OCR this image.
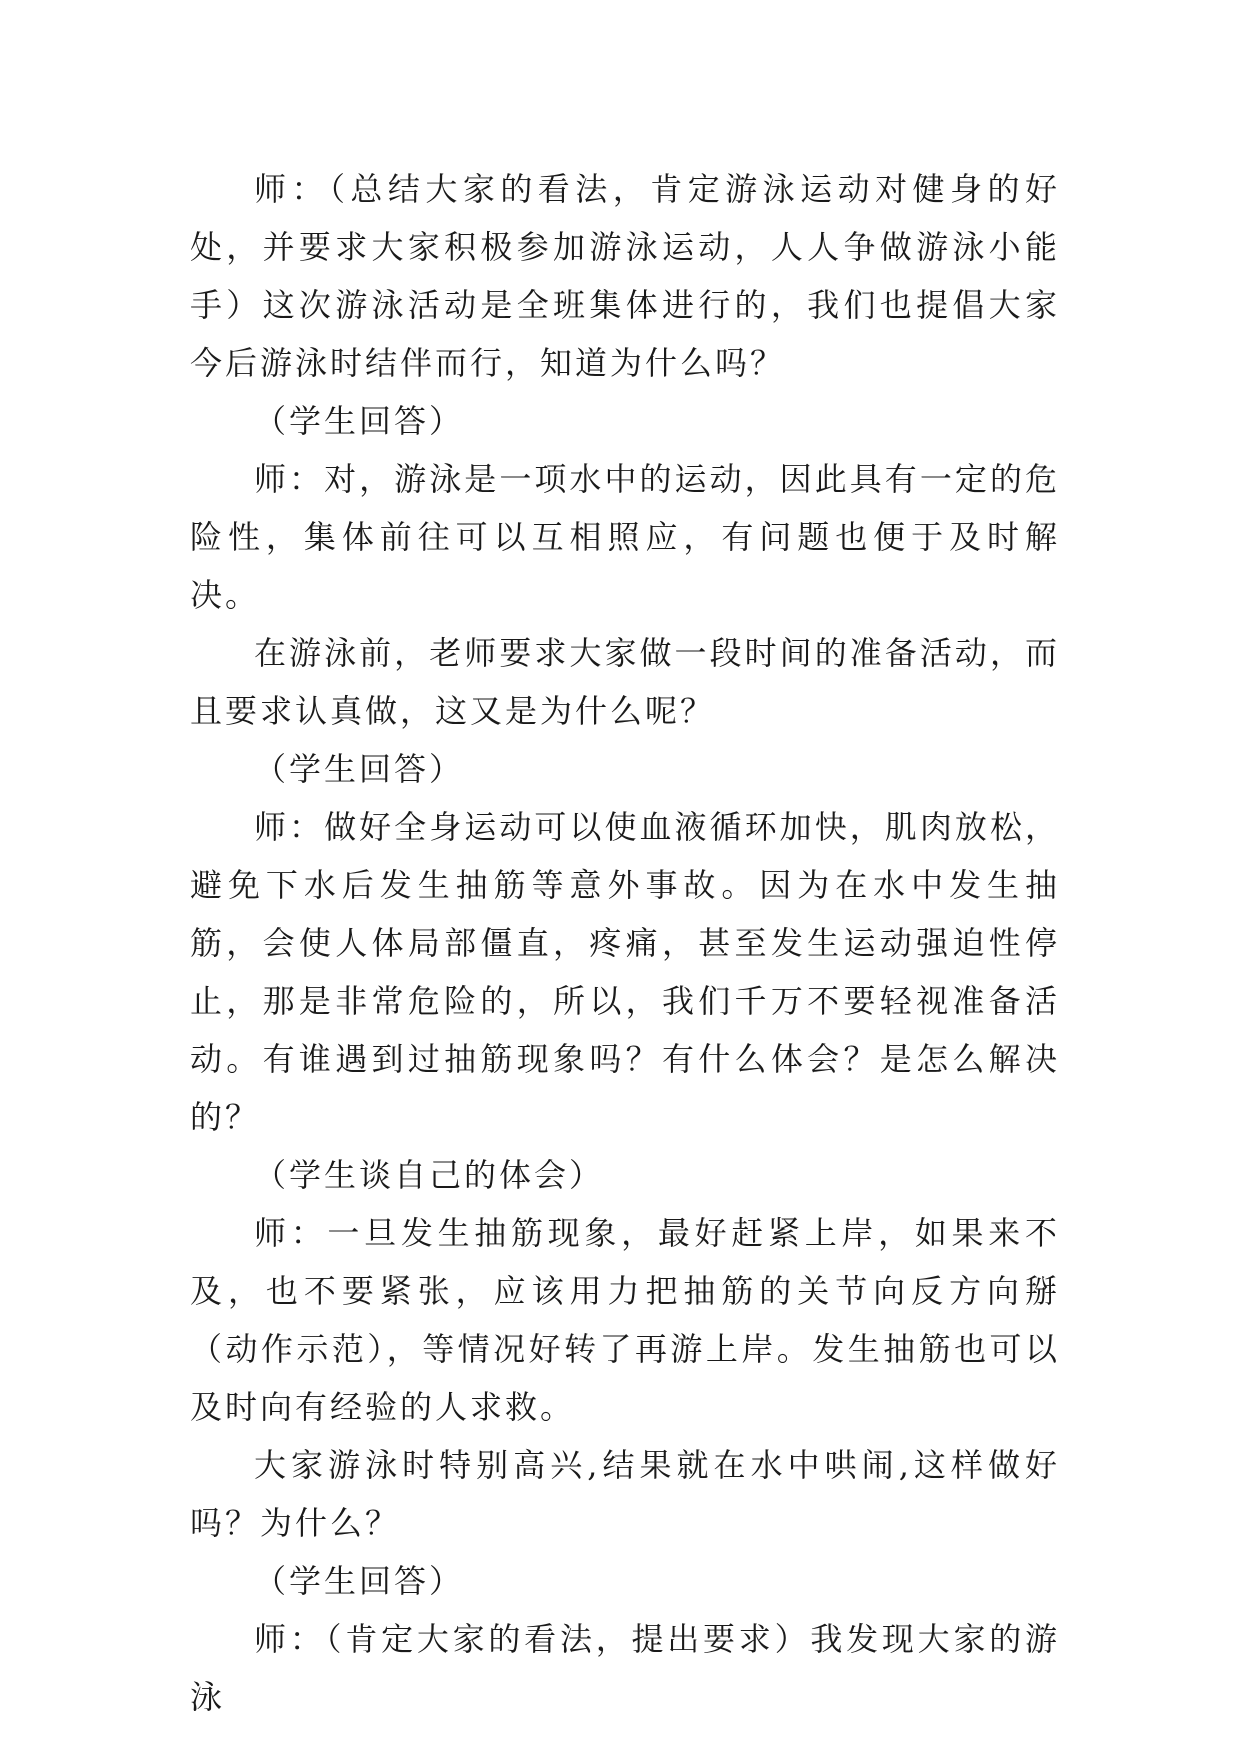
师：（总结大家的看法，肯定游泳运动对健身的好处，并要求大家积极参加游泳运动，人人争做游泳小能手）这次游泳活动是全班集体进行的，我们也提倡大家今后游泳时结伴而行，知道为什么吗？

（学生回答）

师：对，游泳是一项水中的运动，因此具有一定的危险性，集体前往可以互相照应，有问题也便于及时解决。

在游泳前，老师要求大家做一段时间的准备活动，而且要求认真做，这又是为什么呢？

（学生回答）

师：做好全身运动可以使血液循环加快，肌肉放松，避免下水后发生抽筋等意外事故。因为在水中发生抽筋，会使人体局部僵直，疼痛，甚至发生运动强迫性停止，那是非常危险的，所以，我们千万不要轻视准备活动。有谁遇到过抽筋现象吗？有什么体会？是怎么解决的？

（学生谈自己的体会）

师：一旦发生抽筋现象，最好赶紧上岸，如果来不及，也不要紧张，应该用力把抽筋的关节向反方向掰（动作示范），等情况好转了再游上岸。发生抽筋也可以及时向有经验的人求救。

大家游泳时特别高兴,结果就在水中哄闹,这样做好吗？为什么？

（学生回答）

师：（肯定大家的看法，提出要求）我发现大家的游泳
